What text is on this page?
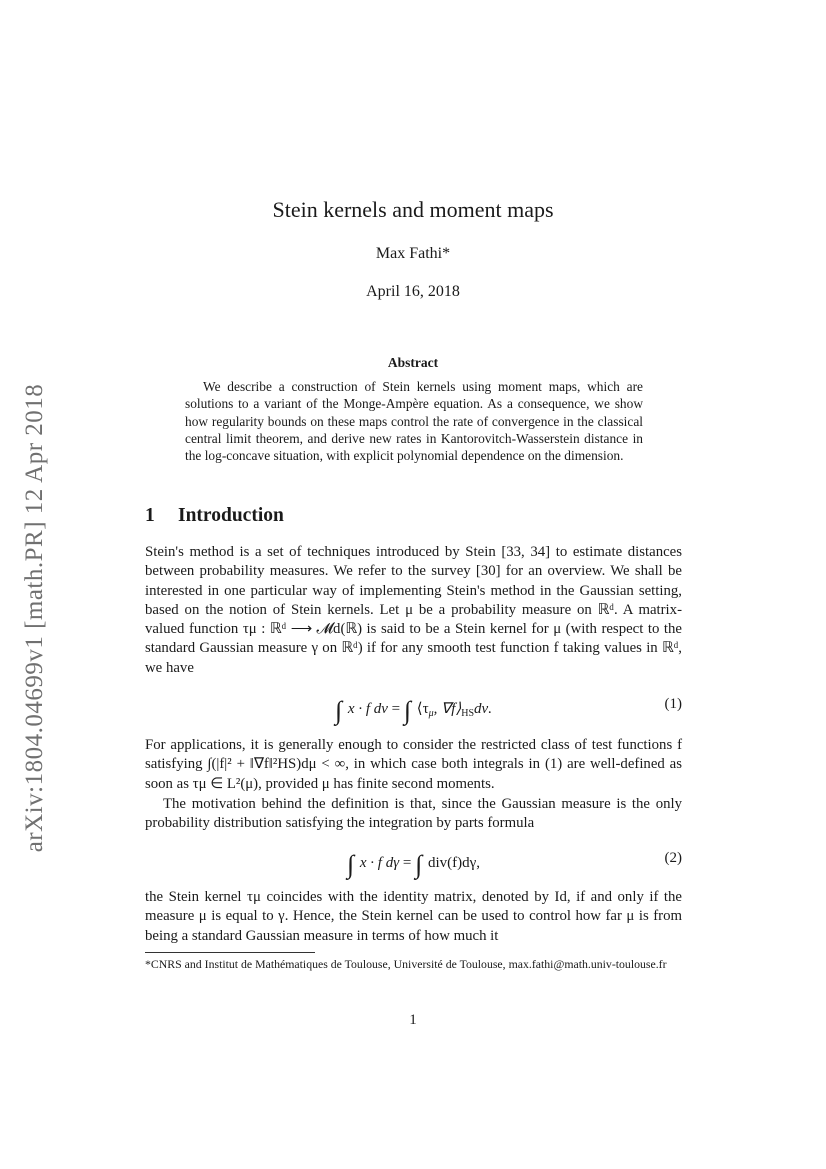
arXiv:1804.04699v1 [math.PR] 12 Apr 2018
Stein kernels and moment maps
Max Fathi*
April 16, 2018
Abstract
We describe a construction of Stein kernels using moment maps, which are solutions to a variant of the Monge-Ampère equation. As a consequence, we show how regularity bounds on these maps control the rate of convergence in the classical central limit theorem, and derive new rates in Kantorovitch-Wasserstein distance in the log-concave situation, with explicit polynomial dependence on the dimension.
1 Introduction
Stein's method is a set of techniques introduced by Stein [33, 34] to estimate distances between probability measures. We refer to the survey [30] for an overview. We shall be interested in one particular way of implementing Stein's method in the Gaussian setting, based on the notion of Stein kernels. Let μ be a probability measure on ℝᵈ. A matrix-valued function τμ : ℝᵈ ⟶ 𝓜d(ℝ) is said to be a Stein kernel for μ (with respect to the standard Gaussian measure γ on ℝᵈ) if for any smooth test function f taking values in ℝᵈ, we have
∫ x · f dν = ∫ $⟨\tau_\mu$, $\nabla f⟩_{HS}d\nu$.	(1)
For applications, it is generally enough to consider the restricted class of test functions f satisfying ∫(|f|² + ‖∇f‖²HS)dμ < ∞, in which case both integrals in (1) are well-defined as soon as τμ ∈ L²(μ), provided μ has finite second moments.
The motivation behind the definition is that, since the Gaussian measure is the only probability distribution satisfying the integration by parts formula
∫ x · f dγ = ∫ div(f)dγ,	(2)
the Stein kernel τμ coincides with the identity matrix, denoted by Id, if and only if the measure μ is equal to γ. Hence, the Stein kernel can be used to control how far μ is from being a standard Gaussian measure in terms of how much it
*CNRS and Institut de Mathématiques de Toulouse, Université de Toulouse, max.fathi@math.univ-toulouse.fr
1
